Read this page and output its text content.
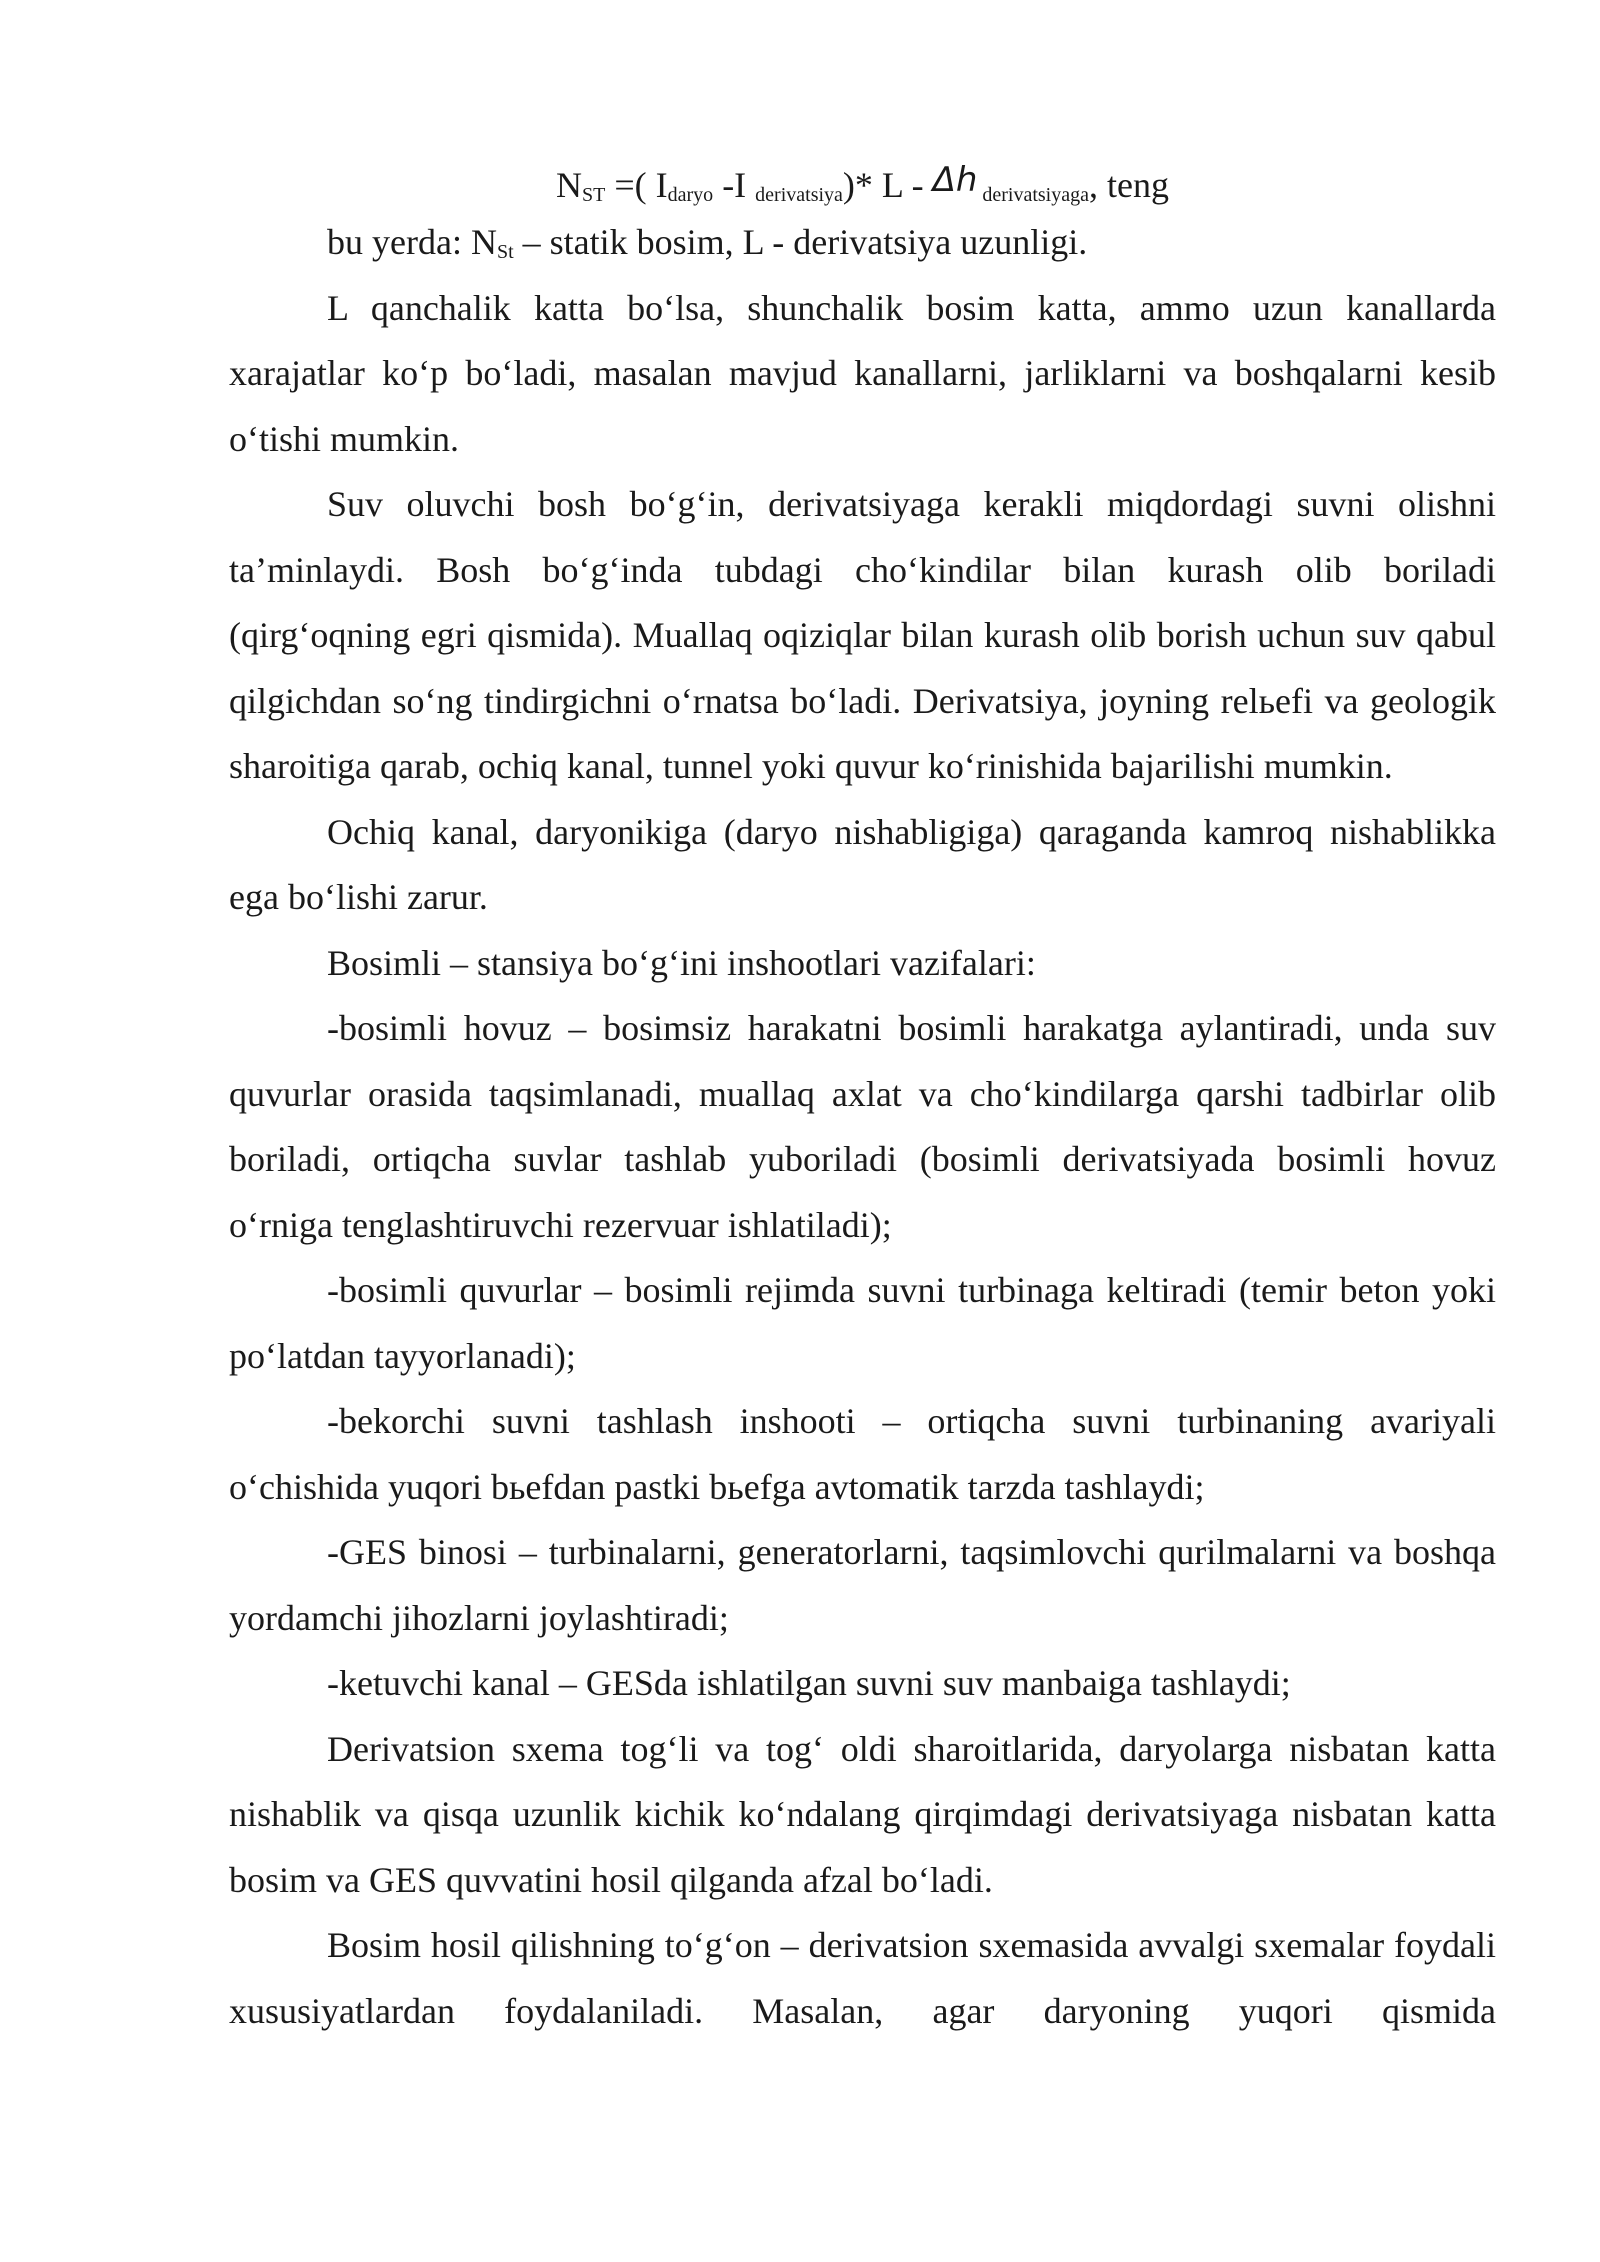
$N_{ST}$ =( $I_{daryo}$ -I $_{derivatsiya}$)* L - Δh $_{derivatsiyaga}$, teng

bu yerda: $N_{St}$ – statik bosim, L - derivatsiya uzunligi.

L qanchalik katta bo‘lsa, shunchalik bosim katta, ammo uzun kanallarda xarajatlar ko‘p bo‘ladi, masalan mavjud kanallarni, jarliklarni va boshqalarni kesib o‘tishi mumkin.

Suv oluvchi bosh bo‘g‘in, derivatsiyaga kerakli miqdordagi suvni olishni ta’minlaydi. Bosh bo‘g‘inda tubdagi cho‘kindilar bilan kurash olib boriladi (qirg‘oqning egri qismida). Muallaq oqiziqlar bilan kurash olib borish uchun suv qabul qilgichdan so‘ng tindirgichni o‘rnatsa bo‘ladi. Derivatsiya, joyning relьefi va geologik sharoitiga qarab, ochiq kanal, tunnel yoki quvur ko‘rinishida bajarilishi mumkin.

Ochiq kanal, daryonikiga (daryo nishabligiga) qaraganda kamroq nishablikka ega bo‘lishi zarur.

Bosimli – stansiya bo‘g‘ini inshootlari vazifalari:

-bosimli hovuz – bosimsiz harakatni bosimli harakatga aylantiradi, unda suv quvurlar orasida taqsimlanadi, muallaq axlat va cho‘kindilarga qarshi tadbirlar olib boriladi, ortiqcha suvlar tashlab yuboriladi (bosimli derivatsiyada bosimli hovuz o‘rniga tenglashtiruvchi rezervuar ishlatiladi);

-bosimli quvurlar – bosimli rejimda suvni turbinaga keltiradi (temir beton yoki po‘latdan tayyorlanadi);

-bekorchi suvni tashlash inshooti – ortiqcha suvni turbinaning avariyali o‘chishida yuqori bьefdan pastki bьefga avtomatik tarzda tashlaydi;

-GES binosi – turbinalarni, generatorlarni, taqsimlovchi qurilmalarni va boshqa yordamchi jihozlarni joylashtiradi;

-ketuvchi kanal – GESda ishlatilgan suvni suv manbaiga tashlaydi;

Derivatsion sxema tog‘li va tog‘ oldi sharoitlarida, daryolarga nisbatan katta nishablik va qisqa uzunlik kichik ko‘ndalang qirqimdagi derivatsiyaga nisbatan katta bosim va GES quvvatini hosil qilganda afzal bo‘ladi.

Bosim hosil qilishning to‘g‘on – derivatsion sxemasida avvalgi sxemalar foydali xususiyatlardan foydalaniladi. Masalan, agar daryoning yuqori qismida
